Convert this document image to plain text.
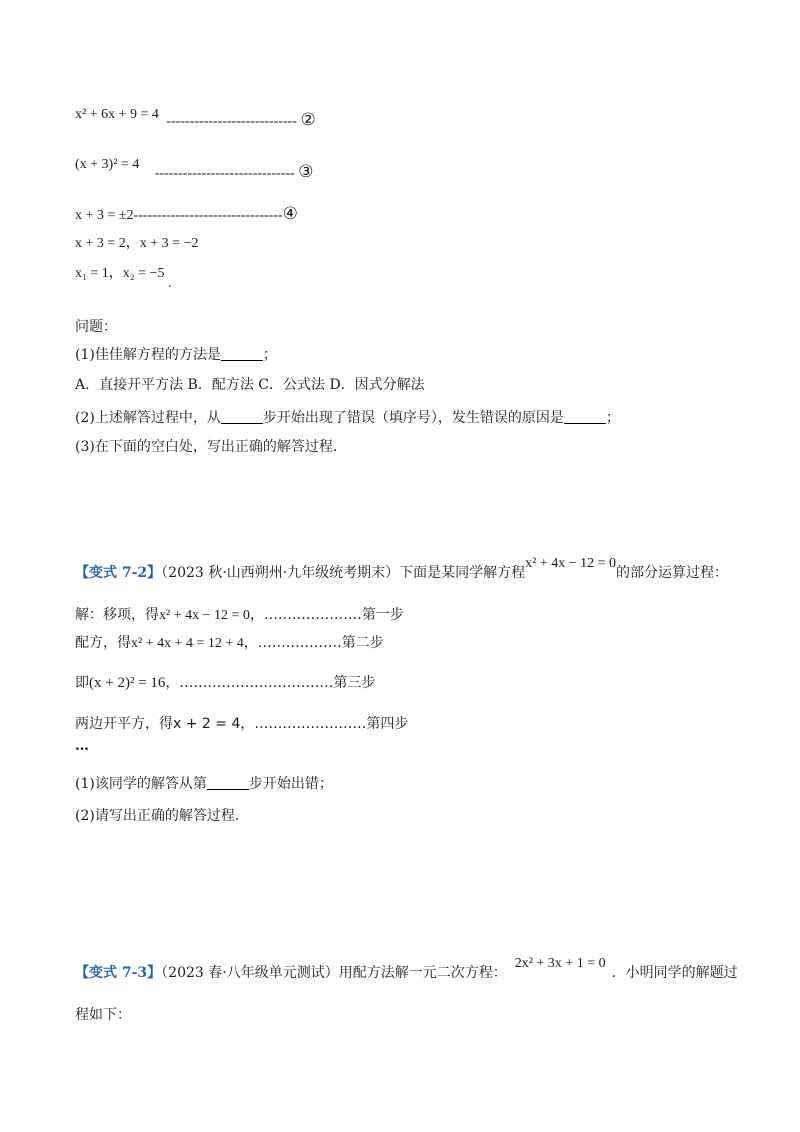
x² + 6x + 9 = 4 ---------------------------- ②
(x + 3)² = 4 ------------------------------ ③
x + 3 = ±2--------------------------------④
x + 3 = 2，x + 3 = −2
x₁ = 1，x₂ = −5 .
问题：
(1)佳佳解方程的方法是	；
A．直接开平方法 B．配方法 C．公式法 D．因式分解法
(2)上述解答过程中，从	步开始出现了错误（填序号），发生错误的原因是	；
(3)在下面的空白处，写出正确的解答过程．
【变式 7-2】（2023 秋·山西朔州·九年级统考期末）下面是某同学解方程x² + 4x − 12 = 0的部分运算过程：
解：移项，得x² + 4x − 12 = 0，…………………第一步
配方，得x² + 4x + 4 = 12 + 4，………………第二步
即(x + 2)² = 16，……………………………第三步
两边开平方，得x + 2 = 4，……………………第四步
…
(1)该同学的解答从第	步开始出错；
(2)请写出正确的解答过程．
【变式 7-3】（2023 春·八年级单元测试）用配方法解一元二次方程：2x² + 3x + 1 = 0．小明同学的解题过
程如下：
